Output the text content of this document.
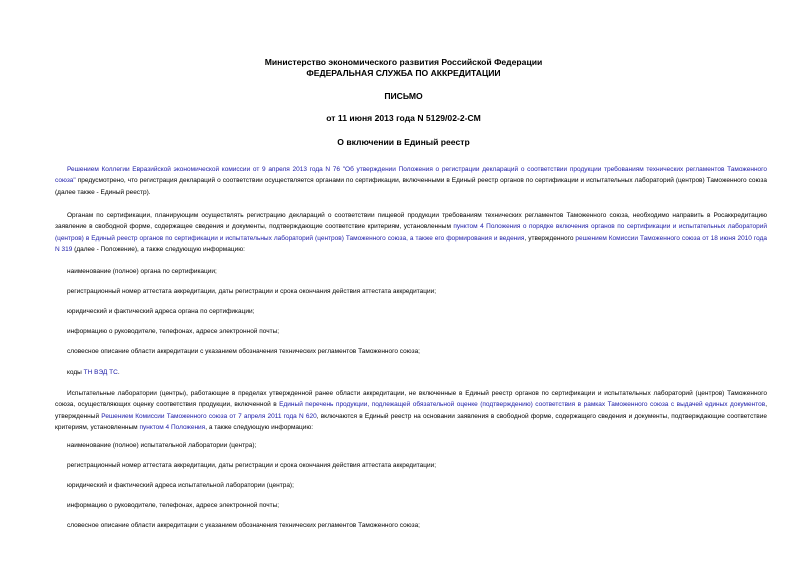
Министерство экономического развития Российской Федерации
ФЕДЕРАЛЬНАЯ СЛУЖБА ПО АККРЕДИТАЦИИ
ПИСЬМО
от 11 июня 2013 года N 5129/02-2-СМ
О включении в Единый реестр
Решением Коллегии Евразийской экономической комиссии от 9 апреля 2013 года N 76 "Об утверждении Положения о регистрации деклараций о соответствии продукции требованиям технических регламентов Таможенного союза" предусмотрено, что регистрация деклараций о соответствии осуществляется органами по сертификации, включенными в Единый реестр органов по сертификации и испытательных лабораторий (центров) Таможенного союза (далее также - Единый реестр).
Органам по сертификации, планирующим осуществлять регистрацию деклараций о соответствии пищевой продукции требованиям технических регламентов Таможенного союза, необходимо направить в Росаккредитацию заявление в свободной форме, содержащее сведения и документы, подтверждающие соответствие критериям, установленным пунктом 4 Положения о порядке включения органов по сертификации и испытательных лабораторий (центров) в Единый реестр органов по сертификации и испытательных лабораторий (центров) Таможенного союза, а также его формирования и ведения, утвержденного решением Комиссии Таможенного союза от 18 июня 2010 года N 319 (далее - Положение), а также следующую информацию:
наименование (полное) органа по сертификации;
регистрационный номер аттестата аккредитации, даты регистрации и срока окончания действия аттестата аккредитации;
юридический и фактический адреса органа по сертификации;
информацию о руководителе, телефонах, адресе электронной почты;
словесное описание области аккредитации с указанием обозначения технических регламентов Таможенного союза;
коды ТН ВЭД ТС.
Испытательные лаборатории (центры), работающие в пределах утвержденной ранее области аккредитации, не включенные в Единый реестр органов по сертификации и испытательных лабораторий (центров) Таможенного союза, осуществляющих оценку соответствия продукции, включенной в Единый перечень продукции, подлежащей обязательной оценке (подтверждению) соответствия в рамках Таможенного союза с выдачей единых документов, утвержденный Решением Комиссии Таможенного союза от 7 апреля 2011 года N 620, включаются в Единый реестр на основании заявления в свободной форме, содержащего сведения и документы, подтверждающие соответствие критериям, установленным пунктом 4 Положения, а также следующую информацию:
наименование (полное) испытательной лаборатории (центра);
регистрационный номер аттестата аккредитации, даты регистрации и срока окончания действия аттестата аккредитации;
юридический и фактический адреса испытательной лаборатории (центра);
информацию о руководителе, телефонах, адресе электронной почты;
словесное описание области аккредитации с указанием обозначения технических регламентов Таможенного союза;
